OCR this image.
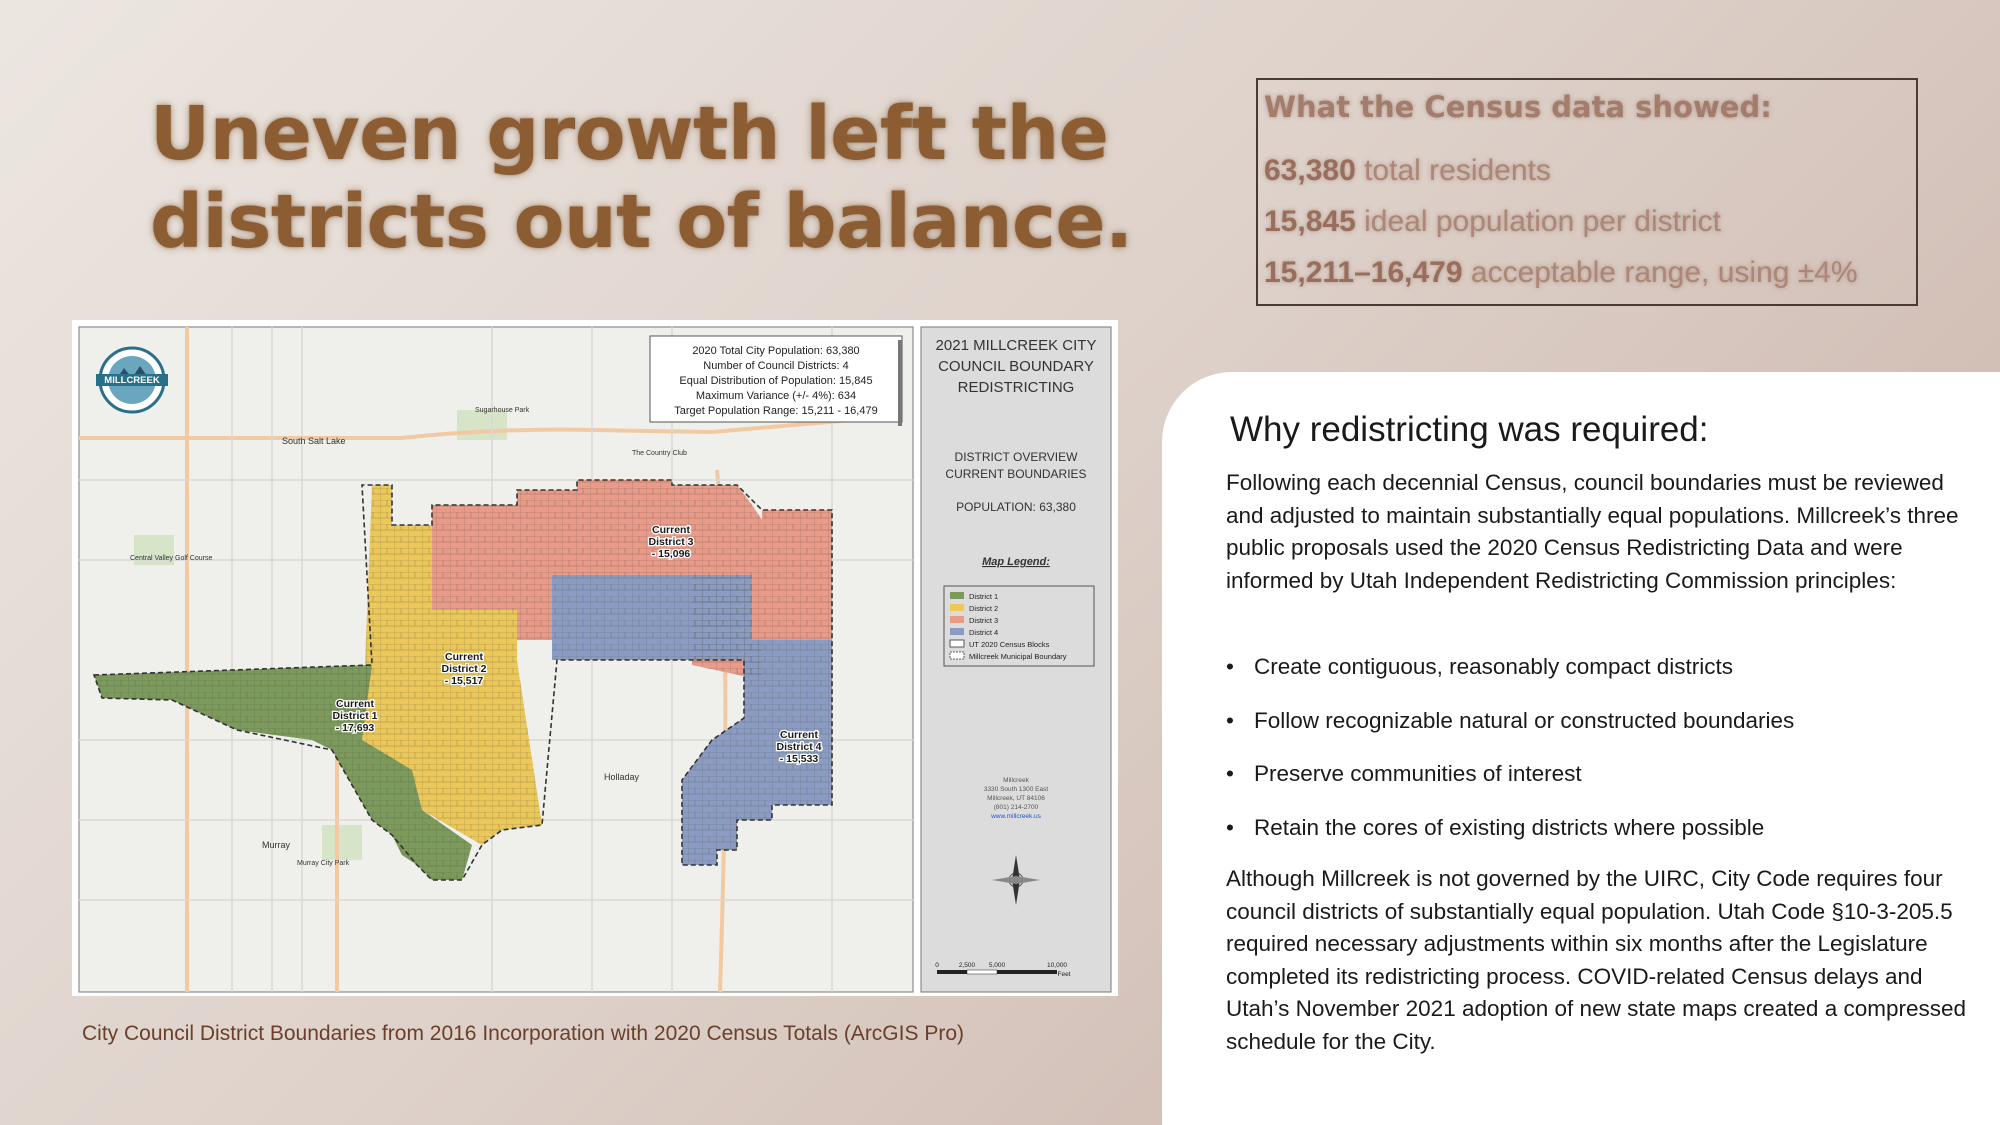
Uneven growth left the
districts out of balance.
What the Census data showed:
63,380 total residents
15,845 ideal population per district
15,211–16,479 acceptable range, using ±4%
Why redistricting was required:
Following each decennial Census, council boundaries must be reviewed and adjusted to maintain substantially equal populations. Millcreek’s three public proposals used the 2020 Census Redistricting Data and were informed by Utah Independent Redistricting Commission principles:
• Create contiguous, reasonably compact districts
• Follow recognizable natural or constructed boundaries
• Preserve communities of interest
• Retain the cores of existing districts where possible
Although Millcreek is not governed by the UIRC, City Code requires four council districts of substantially equal population. Utah Code §10-3-205.5 required necessary adjustments within six months after the Legislature completed its redistricting process. COVID-related Census delays and Utah’s November 2021 adoption of new state maps created a compressed schedule for the City.
Current
District 1
- 17,693
Current
District 2
- 15,517
Current
District 3
- 15,096
Current
District 4
- 15,533
South Salt Lake
Holladay
Murray
Central Valley Golf Course
The Country Club
Sugarhouse Park
Murray City Park
MILLCREEK
2020 Total City Population: 63,380
Number of Council Districts: 4
Equal Distribution of Population: 15,845
Maximum Variance (+/- 4%): 634
Target Population Range: 15,211 - 16,479
2021 MILLCREEK CITY
COUNCIL BOUNDARY
REDISTRICTING
DISTRICT OVERVIEW
CURRENT BOUNDARIES
POPULATION: 63,380
Map Legend:
District 1
District 2
District 3
District 4
UT 2020 Census Blocks
Millcreek Municipal Boundary
Millcreek
3330 South 1300 East
Millcreek, UT 84106
(801) 214-2700
www.millcreek.us
0	2,500 5,000	10,000
Feet
City Council District Boundaries from 2016 Incorporation with 2020 Census Totals (ArcGIS Pro)
